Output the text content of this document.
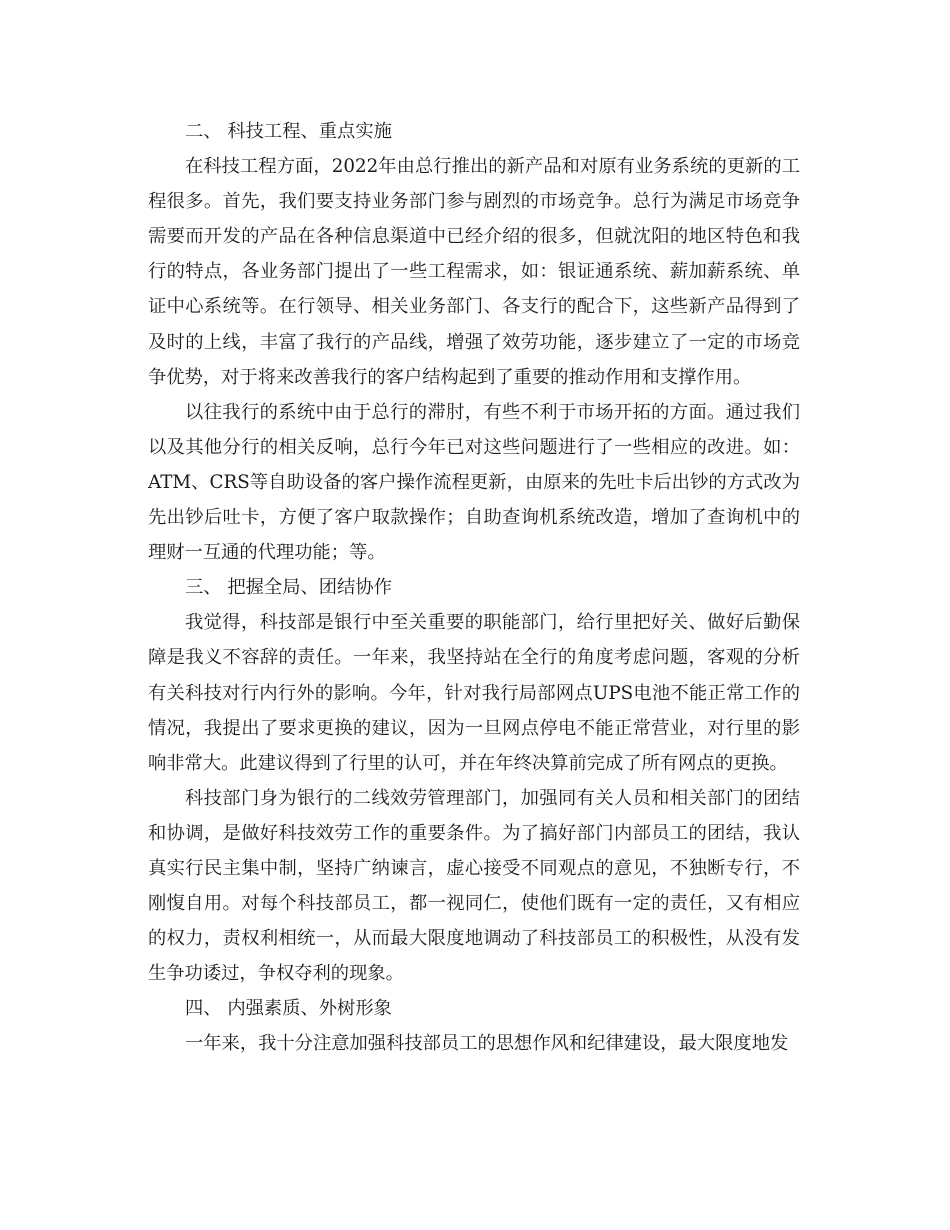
二、 科技工程、重点实施

在科技工程方面，2022年由总行推出的新产品和对原有业务系统的更新的工程很多。首先，我们要支持业务部门参与剧烈的市场竞争。总行为满足市场竞争需要而开发的产品在各种信息渠道中已经介绍的很多，但就沈阳的地区特色和我行的特点，各业务部门提出了一些工程需求，如：银证通系统、薪加薪系统、单证中心系统等。在行领导、相关业务部门、各支行的配合下，这些新产品得到了及时的上线，丰富了我行的产品线，增强了效劳功能，逐步建立了一定的市场竞争优势，对于将来改善我行的客户结构起到了重要的推动作用和支撑作用。

以往我行的系统中由于总行的滞肘，有些不利于市场开拓的方面。通过我们以及其他分行的相关反响，总行今年已对这些问题进行了一些相应的改进。如：ATM、CRS等自助设备的客户操作流程更新，由原来的先吐卡后出钞的方式改为先出钞后吐卡，方便了客户取款操作；自助查询机系统改造，增加了查询机中的理财一互通的代理功能；等。

三、 把握全局、团结协作

我觉得，科技部是银行中至关重要的职能部门，给行里把好关、做好后勤保障是我义不容辞的责任。一年来，我坚持站在全行的角度考虑问题，客观的分析有关科技对行内行外的影响。今年，针对我行局部网点UPS电池不能正常工作的情况，我提出了要求更换的建议，因为一旦网点停电不能正常营业，对行里的影响非常大。此建议得到了行里的认可，并在年终决算前完成了所有网点的更换。

科技部门身为银行的二线效劳管理部门，加强同有关人员和相关部门的团结和协调，是做好科技效劳工作的重要条件。为了搞好部门内部员工的团结，我认真实行民主集中制，坚持广纳谏言，虚心接受不同观点的意见，不独断专行，不刚愎自用。对每个科技部员工，都一视同仁，使他们既有一定的责任，又有相应的权力，责权利相统一，从而最大限度地调动了科技部员工的积极性，从没有发生争功诿过，争权夺利的现象。

四、 内强素质、外树形象

一年来，我十分注意加强科技部员工的思想作风和纪律建设，最大限度地发
